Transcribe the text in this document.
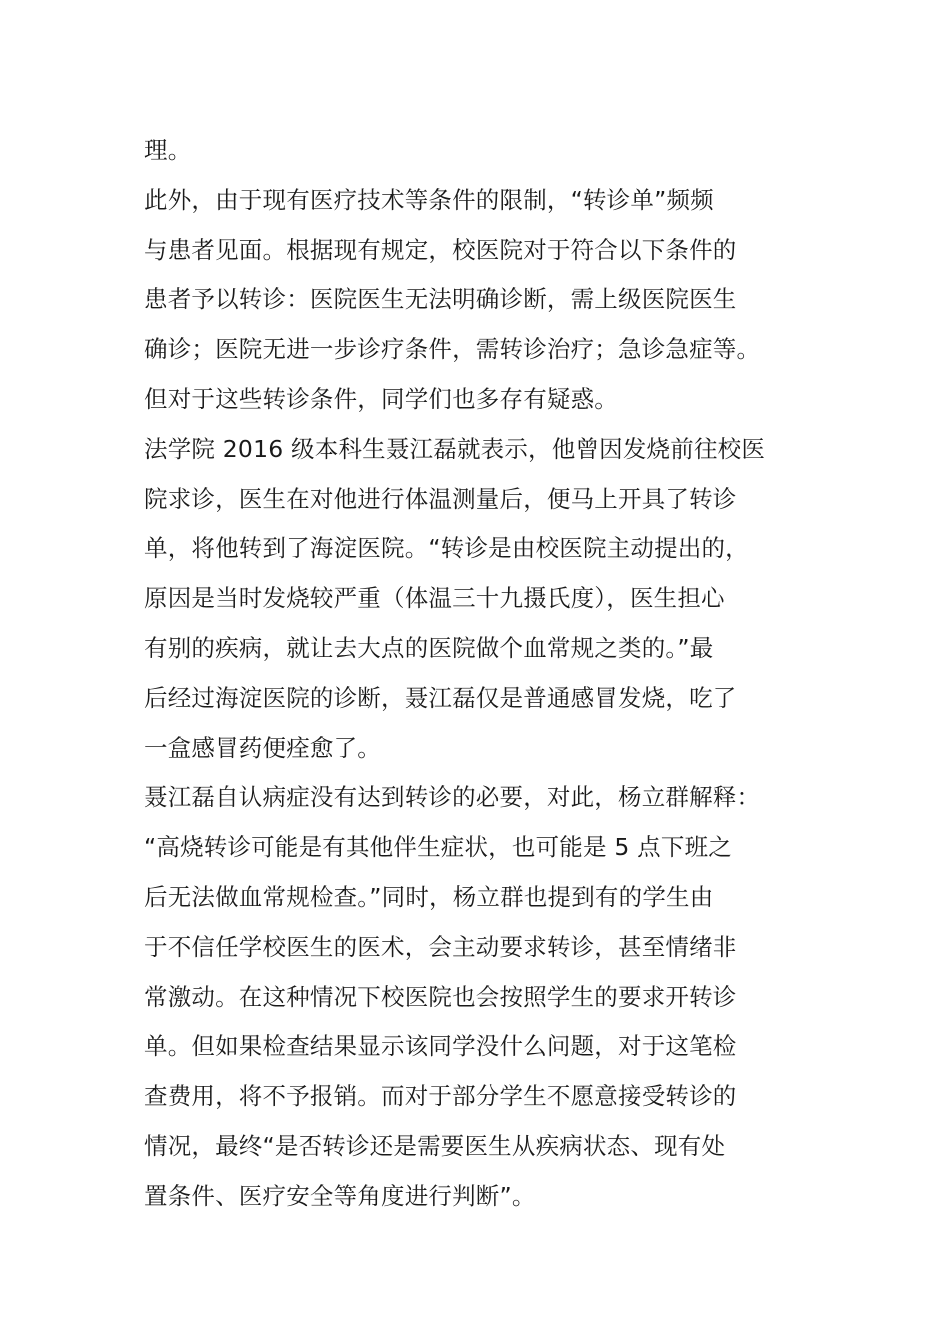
理。
此外，由于现有医疗技术等条件的限制，“转诊单”频频
与患者见面。根据现有规定，校医院对于符合以下条件的
患者予以转诊：医院医生无法明确诊断，需上级医院医生
确诊；医院无进一步诊疗条件，需转诊治疗；急诊急症等。
但对于这些转诊条件，同学们也多存有疑惑。
法学院 2016 级本科生聂江磊就表示，他曾因发烧前往校医
院求诊，医生在对他进行体温测量后，便马上开具了转诊
单，将他转到了海淀医院。“转诊是由校医院主动提出的，
原因是当时发烧较严重（体温三十九摄氏度），医生担心
有别的疾病，就让去大点的医院做个血常规之类的。”最
后经过海淀医院的诊断，聂江磊仅是普通感冒发烧，吃了
一盒感冒药便痊愈了。
聂江磊自认病症没有达到转诊的必要，对此，杨立群解释：
“高烧转诊可能是有其他伴生症状，也可能是 5 点下班之
后无法做血常规检查。”同时，杨立群也提到有的学生由
于不信任学校医生的医术，会主动要求转诊，甚至情绪非
常激动。在这种情况下校医院也会按照学生的要求开转诊
单。但如果检查结果显示该同学没什么问题，对于这笔检
查费用，将不予报销。而对于部分学生不愿意接受转诊的
情况，最终“是否转诊还是需要医生从疾病状态、现有处
置条件、医疗安全等角度进行判断”。
